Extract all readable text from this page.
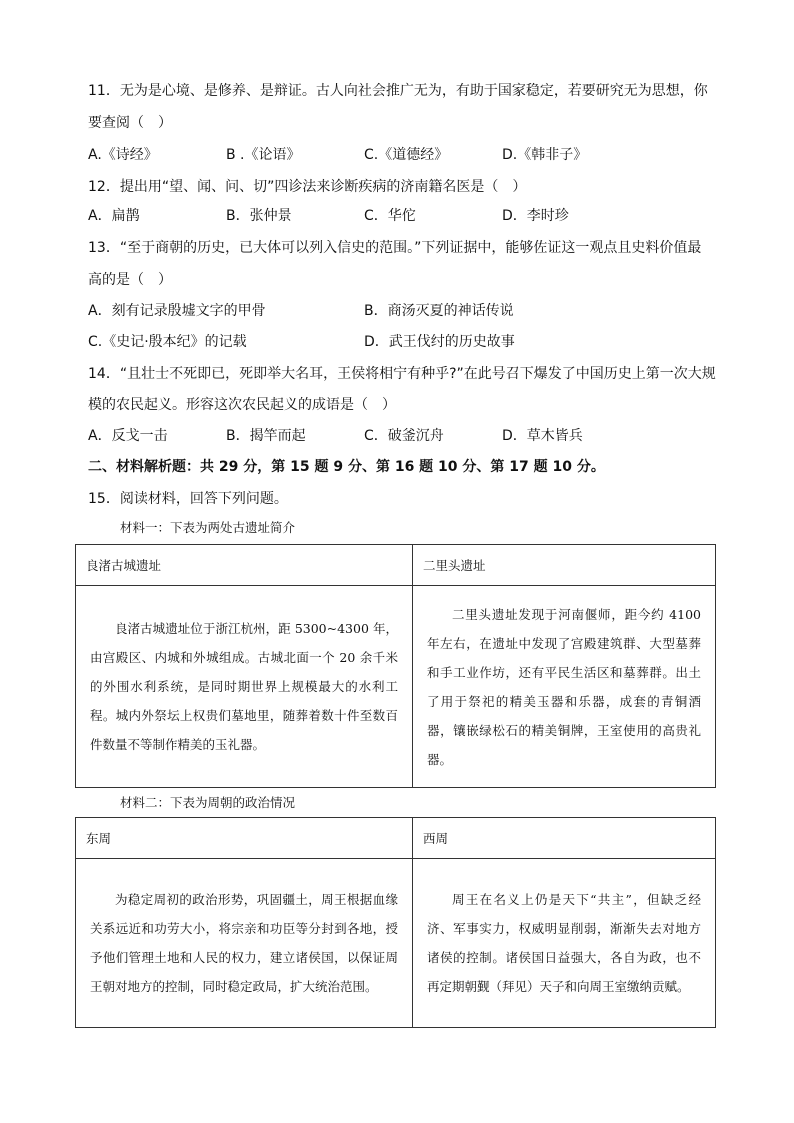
11．无为是心境、是修养、是辩证。古人向社会推广无为，有助于国家稳定，若要研究无为思想，你
要查阅（　）
A.《诗经》	B .《论语》	C.《道德经》	D.《韩非子》
12．提出用“望、闻、问、切”四诊法来诊断疾病的济南籍名医是（　）
A．扁鹊	B．张仲景	C．华佗	D．李时珍
13．“至于商朝的历史，已大体可以列入信史的范围。”下列证据中，能够佐证这一观点且史料价值最
高的是（　）
A．刻有记录殷墟文字的甲骨	B．商汤灭夏的神话传说
C.《史记·殷本纪》的记载	D．武王伐纣的历史故事
14．“且壮士不死即已，死即举大名耳，王侯将相宁有种乎?”在此号召下爆发了中国历史上第一次大规
模的农民起义。形容这次农民起义的成语是（　）
A．反戈一击	B．揭竿而起	C．破釜沉舟	D．草木皆兵
二、材料解析题：共 29 分，第 15 题 9 分、第 16 题 10 分、第 17 题 10 分。
15．阅读材料，回答下列问题。
材料一：下表为两处古遗址简介
良渚古城遗址	二里头遗址

良渚古城遗址位于浙江杭州，距 5300~4300 年，由宫殿区、内城和外城组成。古城北面一个 20 余千米的外围水利系统，是同时期世界上规模最大的水利工程。城内外祭坛上权贵们墓地里，随葬着数十件至数百件数量不等制作精美的玉礼器。	二里头遗址发现于河南偃师，距今约 4100 年左右，在遗址中发现了宫殿建筑群、大型墓葬和手工业作坊，还有平民生活区和墓葬群。出土了用于祭祀的精美玉器和乐器，成套的青铜酒器，镶嵌绿松石的精美铜牌，王室使用的高贵礼器。

材料二：下表为周朝的政治情况
东周	西周

为稳定周初的政治形势，巩固疆土，周王根据血缘关系远近和功劳大小，将宗亲和功臣等分封到各地，授予他们管理土地和人民的权力，建立诸侯国，以保证周王朝对地方的控制，同时稳定政局，扩大统治范围。	周王在名义上仍是天下“共主”，但缺乏经济、军事实力，权威明显削弱，渐渐失去对地方诸侯的控制。诸侯国日益强大，各自为政，也不再定期朝觐（拜见）天子和向周王室缴纳贡赋。
